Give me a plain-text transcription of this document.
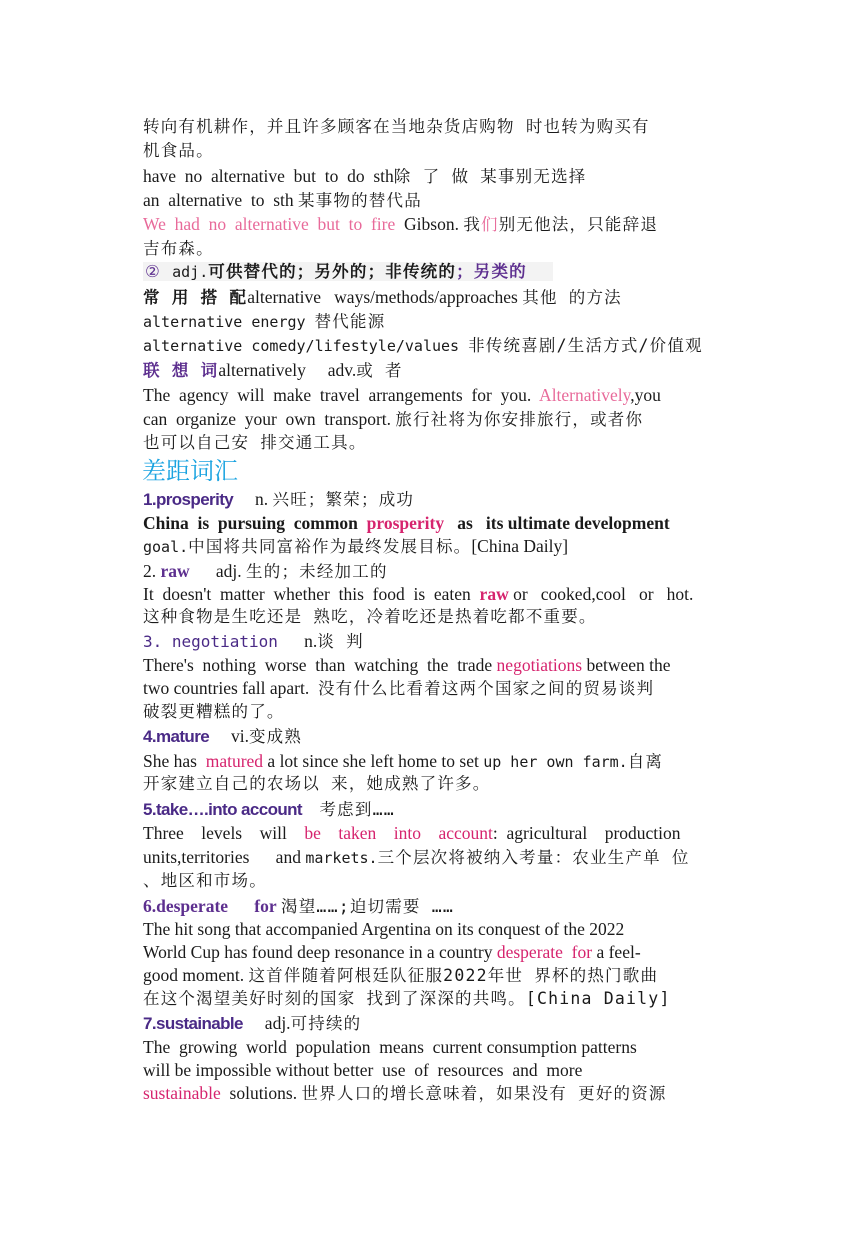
转向有机耕作，并且许多顾客在当地杂货店购物 时也转为购买有
机食品。
have  no  alternative  but  to  do  sth除 了 做 某事别无选择
an  alternative  to  sth 某事物的替代品
We  had  no  alternative  but  to  fire  Gibson. 我们别无他法，只能辞退
吉布森。
② adj.可供替代的；另外的；非传统的；另类的
常 用 搭 配alternative   ways/methods/approaches 其他 的方法
alternative energy 替代能源
alternative comedy/lifestyle/values 非传统喜剧/生活方式/价值观
联 想 词alternatively     adv.或 者
The  agency  will  make  travel  arrangements  for  you.  Alternatively,you
can  organize  your  own  transport. 旅行社将为你安排旅行，或者你
也可以自己安 排交通工具。
差距词汇
1.prosperity     n. 兴旺；繁荣；成功
China  is  pursuing  common  prosperity   as   its ultimate development
goal.中国将共同富裕作为最终发展目标。[China Daily]
2. raw      adj. 生的；未经加工的
It  doesn't  matter  whether  this  food  is  eaten  raw or   cooked,cool   or   hot.
这种食物是生吃还是 熟吃，冷着吃还是热着吃都不重要。
3. negotiation      n.谈 判
There's  nothing  worse  than  watching  the  trade negotiations between the
two countries fall apart.  没有什么比看着这两个国家之间的贸易谈判
破裂更糟糕的了。
4.mature     vi.变成熟
She has  matured a lot since she left home to set up her own farm.自离
开家建立自己的农场以 来，她成熟了许多。
5.take….into account 考虑到……
Three    levels    will    be    taken    into    account:  agricultural    production
units,territories      and markets.三个层次将被纳入考量：农业生产单 位
、地区和市场。
6.desperate      for 渴望……;迫切需要 ……
The hit song that accompanied Argentina on its conquest of the 2022
World Cup has found deep resonance in a country desperate  for a feel-
good moment. 这首伴随着阿根廷队征服2022年世 界杯的热门歌曲
在这个渴望美好时刻的国家 找到了深深的共鸣。[China Daily]
7.sustainable     adj.可持续的
The  growing  world  population  means  current consumption patterns
will be impossible without better  use  of  resources  and  more
sustainable  solutions. 世界人口的增长意味着，如果没有 更好的资源
